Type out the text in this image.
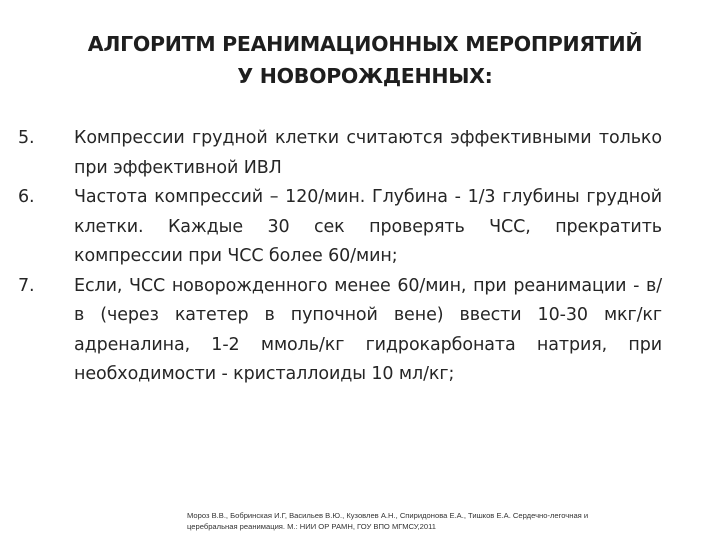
АЛГОРИТМ РЕАНИМАЦИОННЫХ МЕРОПРИЯТИЙ
У НОВОРОЖДЕННЫХ:
5. Компрессии грудной клетки считаются эффективными только при эффективной ИВЛ
6. Частота компрессий – 120/мин. Глубина - 1/3 глубины грудной клетки. Каждые 30 сек проверять ЧСС, прекратить компрессии при ЧСС более 60/мин;
7. Если, ЧСС новорожденного менее 60/мин, при реанимации - в/в (через катетер в пупочной вене) ввести 10-30 мкг/кг адреналина, 1-2 ммоль/кг гидрокарбоната натрия, при необходимости - кристаллоиды 10 мл/кг;
Мороз В.В., Бобринская И.Г, Васильев В.Ю., Кузовлев А.Н., Спиридонова Е.А., Тишков Е.А. Сердечно-легочная и
церебральная реанимация. М.: НИИ ОР РАМН, ГОУ ВПО МГМСУ,2011
